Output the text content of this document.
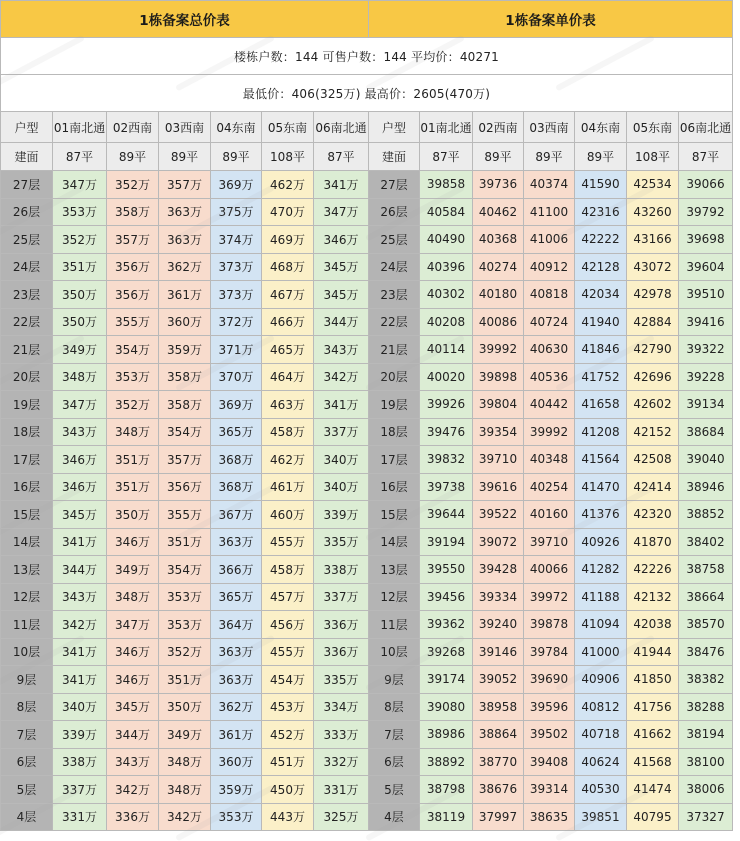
1栋备案总价表							1栋备案单价表						
楼栋户数：144 可售户数：144 平均价：40271													
最低价：406(325万) 最高价：2605(470万)													
户型	01南北通	02西南	03西南	04东南	05东南	06南北通	户型	01南北通	02西南	03西南	04东南	05东南	06南北通
建面	87平	89平	89平	89平	108平	87平	建面	87平	89平	89平	89平	108平	87平
27层	347万	352万	357万	369万	462万	341万	27层	39858	39736	40374	41590	42534	39066
26层	353万	358万	363万	375万	470万	347万	26层	40584	40462	41100	42316	43260	39792
25层	352万	357万	363万	374万	469万	346万	25层	40490	40368	41006	42222	43166	39698
24层	351万	356万	362万	373万	468万	345万	24层	40396	40274	40912	42128	43072	39604
23层	350万	356万	361万	373万	467万	345万	23层	40302	40180	40818	42034	42978	39510
22层	350万	355万	360万	372万	466万	344万	22层	40208	40086	40724	41940	42884	39416
21层	349万	354万	359万	371万	465万	343万	21层	40114	39992	40630	41846	42790	39322
20层	348万	353万	358万	370万	464万	342万	20层	40020	39898	40536	41752	42696	39228
19层	347万	352万	358万	369万	463万	341万	19层	39926	39804	40442	41658	42602	39134
18层	343万	348万	354万	365万	458万	337万	18层	39476	39354	39992	41208	42152	38684
17层	346万	351万	357万	368万	462万	340万	17层	39832	39710	40348	41564	42508	39040
16层	346万	351万	356万	368万	461万	340万	16层	39738	39616	40254	41470	42414	38946
15层	345万	350万	355万	367万	460万	339万	15层	39644	39522	40160	41376	42320	38852
14层	341万	346万	351万	363万	455万	335万	14层	39194	39072	39710	40926	41870	38402
13层	344万	349万	354万	366万	458万	338万	13层	39550	39428	40066	41282	42226	38758
12层	343万	348万	353万	365万	457万	337万	12层	39456	39334	39972	41188	42132	38664
11层	342万	347万	353万	364万	456万	336万	11层	39362	39240	39878	41094	42038	38570
10层	341万	346万	352万	363万	455万	336万	10层	39268	39146	39784	41000	41944	38476
9层	341万	346万	351万	363万	454万	335万	9层	39174	39052	39690	40906	41850	38382
8层	340万	345万	350万	362万	453万	334万	8层	39080	38958	39596	40812	41756	38288
7层	339万	344万	349万	361万	452万	333万	7层	38986	38864	39502	40718	41662	38194
6层	338万	343万	348万	360万	451万	332万	6层	38892	38770	39408	40624	41568	38100
5层	337万	342万	348万	359万	450万	331万	5层	38798	38676	39314	40530	41474	38006
4层	331万	336万	342万	353万	443万	325万	4层	38119	37997	38635	39851	40795	37327
